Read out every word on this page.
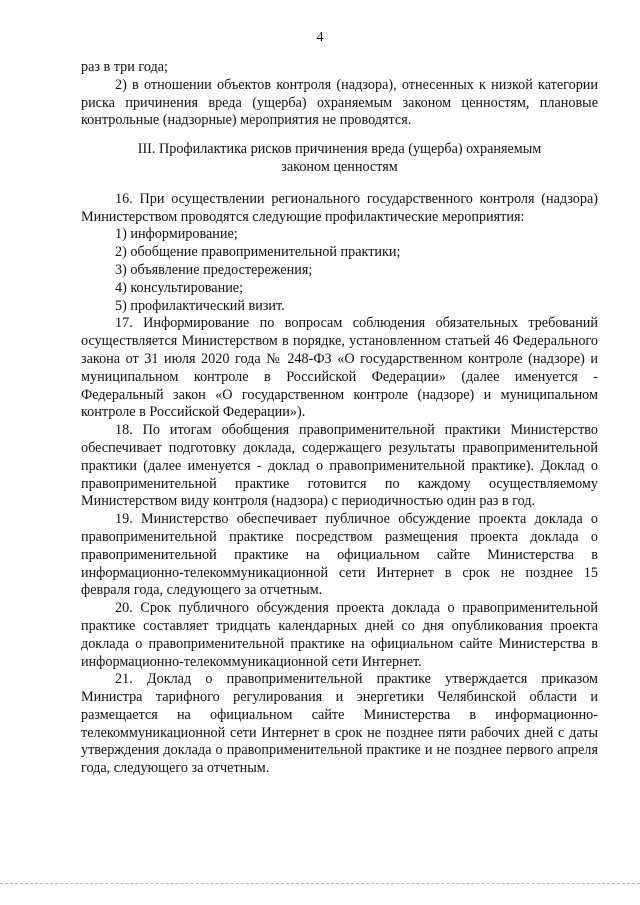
4

раз в три года;

2) в отношении объектов контроля (надзора), отнесенных к низкой категории риска причинения вреда (ущерба) охраняемым законом ценностям, плановые контрольные (надзорные) мероприятия не проводятся.

III. Профилактика рисков причинения вреда (ущерба) охраняемым законом ценностям

16. При осуществлении регионального государственного контроля (надзора) Министерством проводятся следующие профилактические мероприятия:

1) информирование;
2) обобщение правоприменительной практики;
3) объявление предостережения;
4) консультирование;
5) профилактический визит.

17. Информирование по вопросам соблюдения обязательных требований осуществляется Министерством в порядке, установленном статьей 46 Федерального закона от 31 июля 2020 года № 248-ФЗ «О государственном контроле (надзоре) и муниципальном контроле в Российской Федерации» (далее именуется - Федеральный закон «О государственном контроле (надзоре) и муниципальном контроле в Российской Федерации»).

18. По итогам обобщения правоприменительной практики Министерство обеспечивает подготовку доклада, содержащего результаты правоприменительной практики (далее именуется - доклад о правоприменительной практике). Доклад о правоприменительной практике готовится по каждому осуществляемому Министерством виду контроля (надзора) с периодичностью один раз в год.

19. Министерство обеспечивает публичное обсуждение проекта доклада о правоприменительной практике посредством размещения проекта доклада о правоприменительной практике на официальном сайте Министерства в информационно-телекоммуникационной сети Интернет в срок не позднее 15 февраля года, следующего за отчетным.

20. Срок публичного обсуждения проекта доклада о правоприменительной практике составляет тридцать календарных дней со дня опубликования проекта доклада о правоприменительной практике на официальном сайте Министерства в информационно-телекоммуникационной сети Интернет.

21. Доклад о правоприменительной практике утверждается приказом Министра тарифного регулирования и энергетики Челябинской области и размещается на официальном сайте Министерства в информационно-телекоммуникационной сети Интернет в срок не позднее пяти рабочих дней с даты утверждения доклада о правоприменительной практике и не позднее первого апреля года, следующего за отчетным.
